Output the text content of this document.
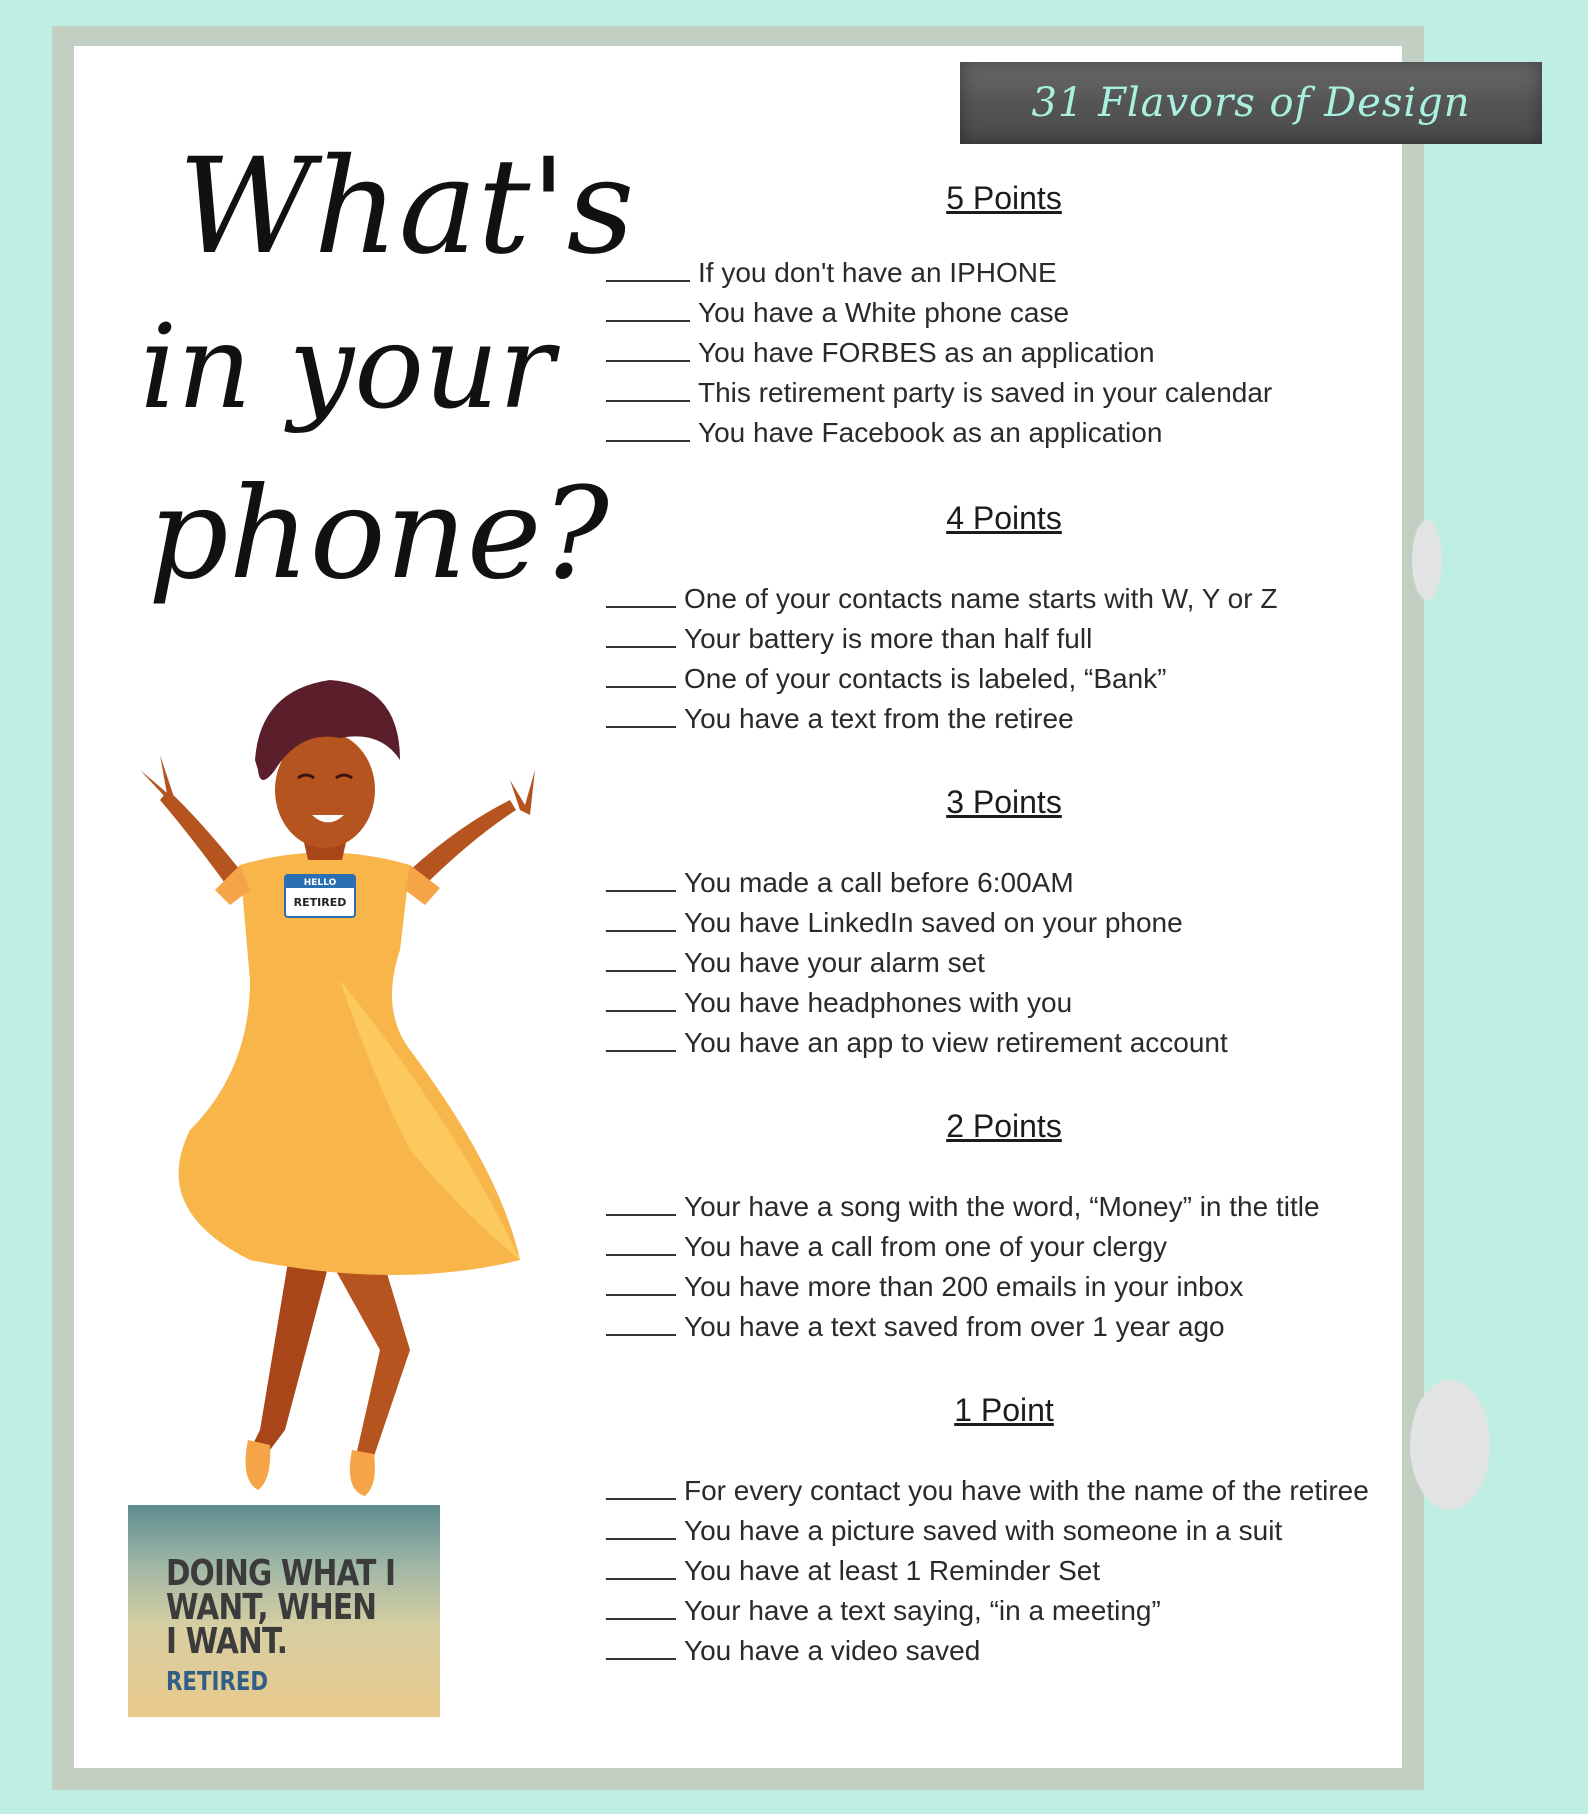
31 Flavors of Design
What's
in your
phone?
5 Points
If you don't have an IPHONE
You have a White phone case
You have FORBES as an application
This retirement party is saved in your calendar
You have Facebook as an application
4 Points
One of your contacts name starts with W, Y or Z
Your battery is more than half full
One of your contacts is labeled, “Bank”
You have a text from the retiree
3 Points
You made a call before 6:00AM
You have LinkedIn saved on your phone
You have your alarm set
You have headphones with you
You have an app to view retirement account
2 Points
Your have a song with the word, “Money” in the title
You have a call from one of your clergy
You have more than 200 emails in your inbox
You have a text saved from over 1 year ago
1 Point
For every contact you have with the name of the retiree
You have a picture saved with someone in a suit
You have at least 1 Reminder Set
Your have a text saying, “in a meeting”
You have a video saved
HELLO
RETIRED
DOING WHAT I
WANT, WHEN
I WANT.
RETIRED
